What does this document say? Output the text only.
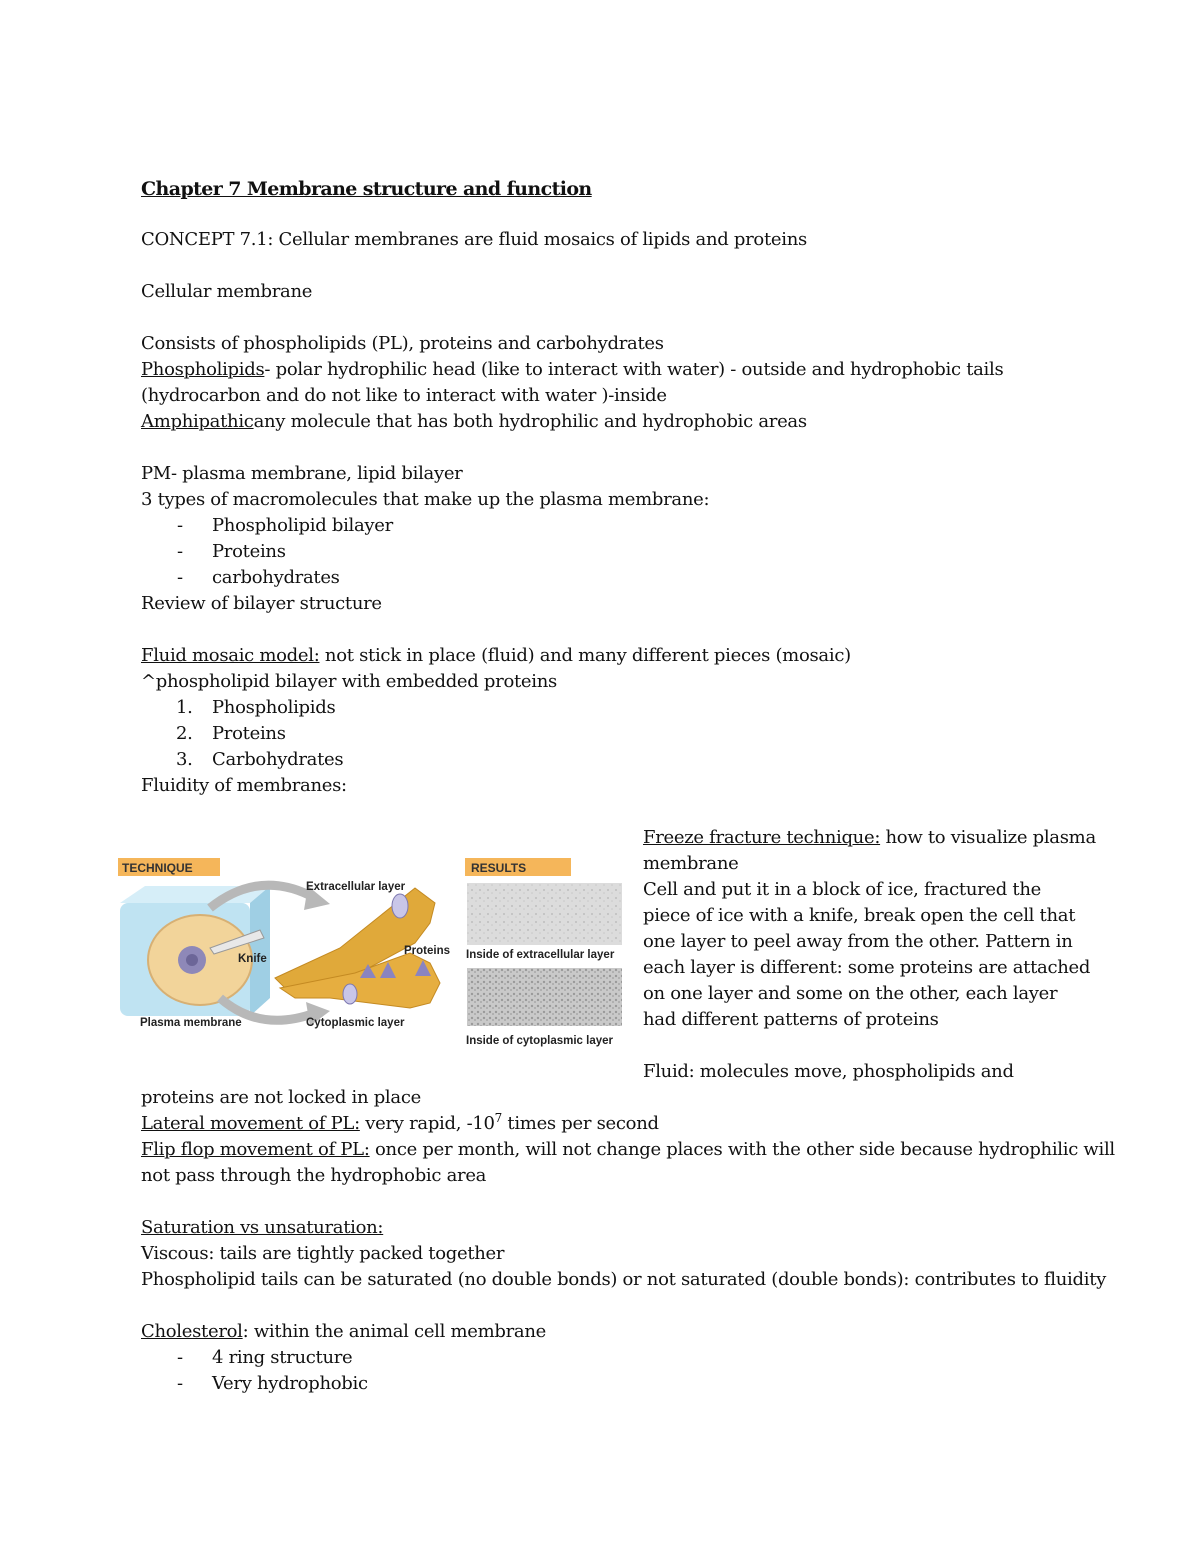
Chapter 7 Membrane structure and function
CONCEPT 7.1: Cellular membranes are fluid mosaics of lipids and proteins
Cellular membrane
Consists of phospholipids (PL), proteins and carbohydrates
Phospholipids- polar hydrophilic head (like to interact with water) - outside and hydrophobic tails
(hydrocarbon and do not like to interact with water )-inside
Amphipathicany molecule that has both hydrophilic and hydrophobic areas
PM- plasma membrane, lipid bilayer
3 types of macromolecules that make up the plasma membrane:
- Phospholipid bilayer
- Proteins
- carbohydrates
Review of bilayer structure
Fluid mosaic model: not stick in place (fluid) and many different pieces (mosaic)
^phospholipid bilayer with embedded proteins
1. Phospholipids
2. Proteins
3. Carbohydrates
Fluidity of membranes:
TECHNIQUE	RESULTS
Extracellular layer
Proteins
Knife
Plasma membrane	Cytoplasmic layer
Inside of extracellular layer
Inside of cytoplasmic layer
Freeze fracture technique: how to visualize plasma
membrane
Cell and put it in a block of ice, fractured the
piece of ice with a knife, break open the cell that
one layer to peel away from the other. Pattern in
each layer is different: some proteins are attached
on one layer and some on the other, each layer
had different patterns of proteins
Fluid: molecules move, phospholipids and
proteins are not locked in place
Lateral movement of PL: very rapid, $-10^7$ times per second
Flip flop movement of PL: once per month, will not change places with the other side because hydrophilic will
not pass through the hydrophobic area
Saturation vs unsaturation:
Viscous: tails are tightly packed together
Phospholipid tails can be saturated (no double bonds) or not saturated (double bonds): contributes to fluidity
Cholesterol: within the animal cell membrane
- 4 ring structure
- Very hydrophobic
